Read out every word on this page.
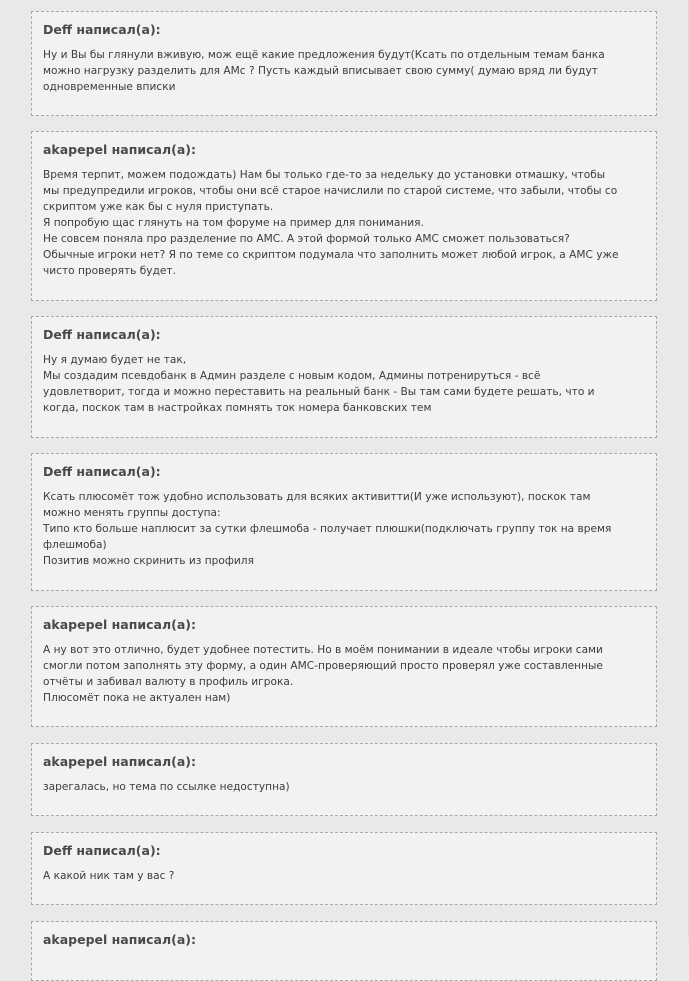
Deff написал(а):
Ну и Вы бы глянули вживую, мож ещё какие предложения будут(Ксать по отдельным темам банка
можно нагрузку разделить для АМс ? Пусть каждый вписывает свою сумму( думаю вряд ли будут
одновременные вписки
akapepel написал(а):
Время терпит, можем подождать) Нам бы только где-то за недельку до установки отмашку, чтобы
мы предупредили игроков, чтобы они всё старое начислили по старой системе, что забыли, чтобы со
скриптом уже как бы с нуля приступать.
Я попробую щас глянуть на том форуме на пример для понимания.
Не совсем поняла про разделение по АМС. А этой формой только АМС сможет пользоваться?
Обычные игроки нет? Я по теме со скриптом подумала что заполнить может любой игрок, а АМС уже
чисто проверять будет.
Deff написал(а):
Ну я думаю будет не так,
Мы создадим псевдобанк в Админ разделе с новым кодом, Админы потренируться - всё
удовлетворит, тогда и можно переставить на реальный банк - Вы там сами будете решать, что и
когда, поскок там в настройках помнять ток номера банковских тем
Deff написал(а):
Ксать плюсомёт тож удобно использовать для всяких активитти(И уже используют), поскок там
можно менять группы доступа:
Типо кто больше наплюсит за сутки флешмоба - получает плюшки(подключать группу ток на время
флешмоба)
Позитив можно скринить из профиля
akapepel написал(а):
А ну вот это отлично, будет удобнее потестить. Но в моём понимании в идеале чтобы игроки сами
смогли потом заполнять эту форму, а один АМС-проверяющий просто проверял уже составленные
отчёты и забивал валюту в профиль игрока.
Плюсомёт пока не актуален нам)
akapepel написал(а):
зарегалась, но тема по ссылке недоступна)
Deff написал(а):
А какой ник там у вас ?
akapepel написал(а):
